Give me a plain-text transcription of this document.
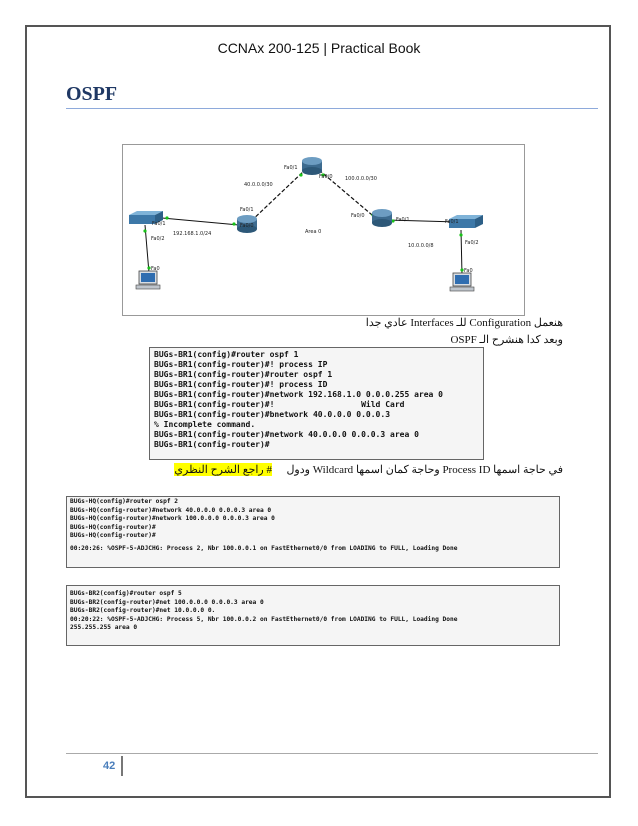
CCNAx 200-125 | Practical Book
OSPF
Fa0/1
Fa0/0
Fa0/1
Fa0/0
Fa0/0
Fa0/1
Fa0/1
Fa0/2
Fa0/1
Fa0/2
Fa0	Fa0
40.0.0.0/30
100.0.0.0/30
192.168.1.0/24
10.0.0.0/8
Area 0
هنعمل Configuration للـ Interfaces عادي جدا
وبعد كدا هنشرح الـ OSPF
BUGs-BR1(config)#router ospf 1
BUGs-BR1(config-router)#! process IP
BUGs-BR1(config-router)#router ospf 1
BUGs-BR1(config-router)#! process ID
BUGs-BR1(config-router)#network 192.168.1.0 0.0.0.255 area 0
BUGs-BR1(config-router)#!                  Wild Card
BUGs-BR1(config-router)#bnetwork 40.0.0.0 0.0.0.3
% Incomplete command.
BUGs-BR1(config-router)#network 40.0.0.0 0.0.0.3 area 0
BUGs-BR1(config-router)#
في حاجة اسمها Process ID وحاجة كمان اسمها Wildcard ودول
# راجع الشرح النظري
BUGs-HQ(config)#router ospf 2
BUGs-HQ(config-router)#network 40.0.0.0 0.0.0.3 area 0
BUGs-HQ(config-router)#network 100.0.0.0 0.0.0.3 area 0
BUGs-HQ(config-router)#
BUGs-HQ(config-router)#
00:20:26: %OSPF-5-ADJCHG: Process 2, Nbr 100.0.0.1 on FastEthernet0/0 from LOADING to FULL, Loading Done
BUGs-BR2(config)#router ospf 5
BUGs-BR2(config-router)#net 100.0.0.0 0.0.0.3 area 0
BUGs-BR2(config-router)#net 10.0.0.0 0.
00:20:22: %OSPF-5-ADJCHG: Process 5, Nbr 100.0.0.2 on FastEthernet0/0 from LOADING to FULL, Loading Done
255.255.255 area 0
42
